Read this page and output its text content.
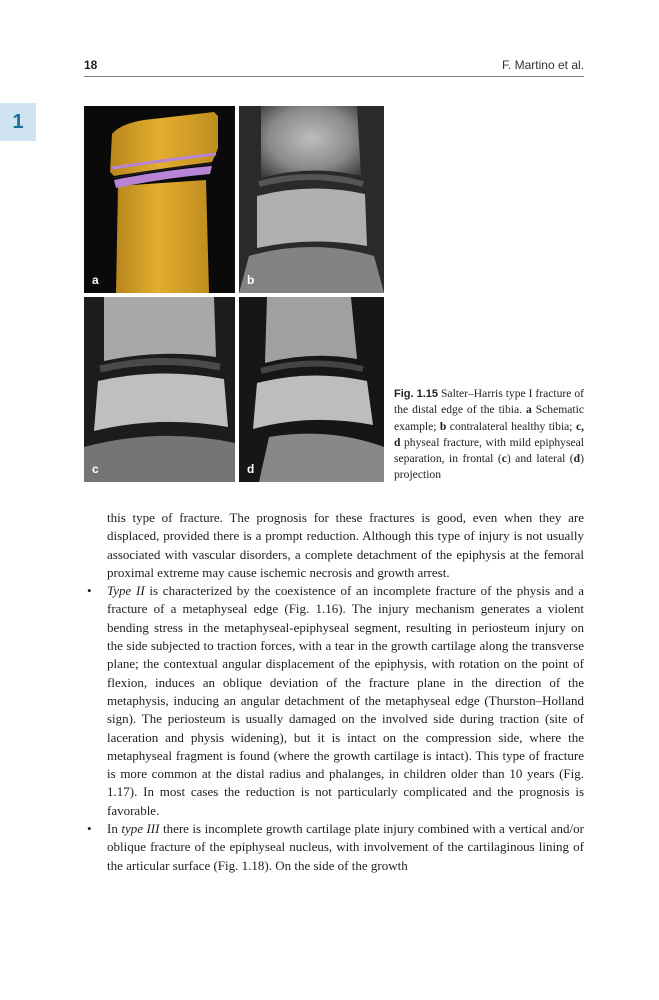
18	F. Martino et al.
1
a	b
c	d
Fig. 1.15 Salter–Harris type I fracture of the distal edge of the tibia. a Schematic example; b contralateral healthy tibia; c, d physeal fracture, with mild epiphyseal separation, in frontal (c) and lateral (d) projection

this type of fracture. The prognosis for these fractures is good, even when they are displaced, provided there is a prompt reduction. Although this type of injury is not usually associated with vascular disorders, a complete detachment of the epiphysis at the femoral proximal extreme may cause ischemic necrosis and growth arrest.

• Type II is characterized by the coexistence of an incomplete fracture of the physis and a fracture of a metaphyseal edge (Fig. 1.16). The injury mechanism generates a violent bending stress in the metaphyseal-epiphyseal segment, resulting in periosteum injury on the side subjected to traction forces, with a tear in the growth cartilage along the transverse plane; the contextual angular displacement of the epiphysis, with rotation on the point of flexion, induces an oblique deviation of the fracture plane in the direction of the metaphysis, inducing an angular detachment of the metaphyseal edge (Thurston–Holland sign). The periosteum is usually damaged on the involved side during traction (site of laceration and physis widening), but it is intact on the compression side, where the metaphyseal fragment is found (where the growth cartilage is intact). This type of fracture is more common at the distal radius and phalanges, in children older than 10 years (Fig. 1.17). In most cases the reduction is not particularly complicated and the prognosis is favorable.
• In type III there is incomplete growth cartilage plate injury combined with a vertical and/or oblique fracture of the epiphyseal nucleus, with involvement of the cartilaginous lining of the articular surface (Fig. 1.18). On the side of the growth
